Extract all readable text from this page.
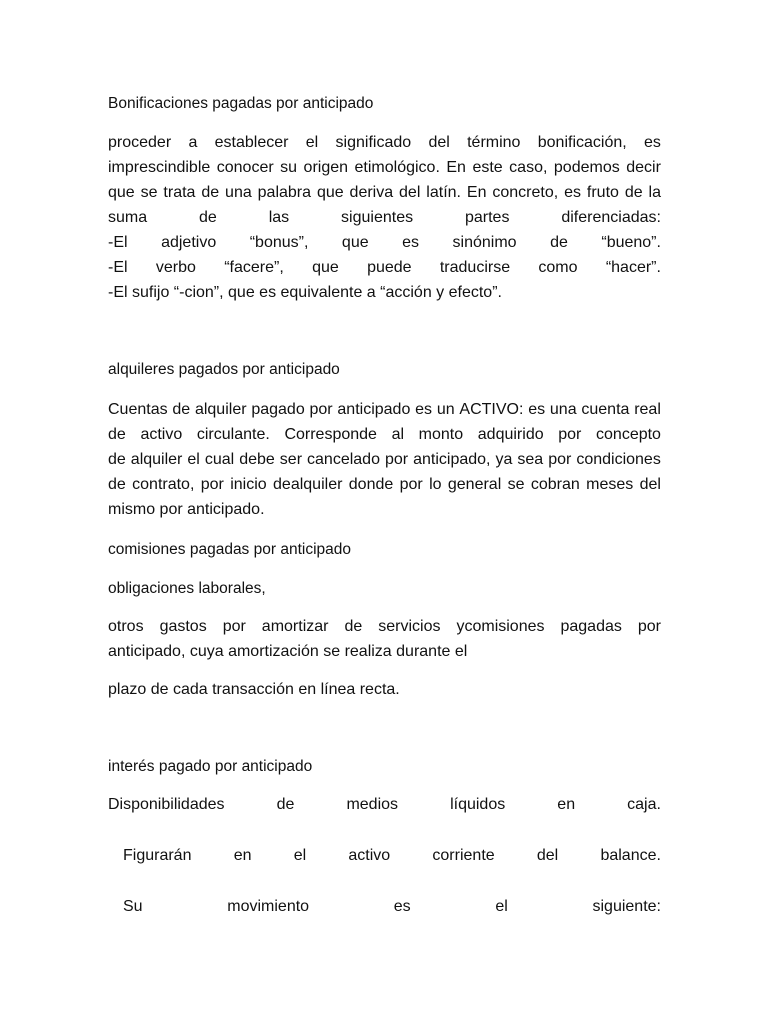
Bonificaciones pagadas por anticipado

proceder a establecer el significado del término bonificación, es
imprescindible conocer su origen etimológico. En este caso, podemos decir
que se trata de una palabra que deriva del latín. En concreto, es fruto de la
suma	de	las	siguientes	partes	diferenciadas:
-El adjetivo “bonus”, que es sinónimo de “bueno”.
-El verbo “facere”, que puede traducirse como “hacer”.
-El sufijo “-cion”, que es equivalente a “acción y efecto”.

alquileres pagados por anticipado

Cuentas de alquiler pagado por anticipado es un ACTIVO: es una cuenta real
de activo circulante. Corresponde al monto adquirido por concepto
de alquiler el cual debe ser cancelado por anticipado, ya sea por condiciones
de contrato, por inicio dealquiler donde por lo general se cobran meses del
mismo por anticipado.

comisiones pagadas por anticipado

obligaciones laborales,

otros gastos por amortizar de servicios ycomisiones pagadas por
anticipado, cuya amortización se realiza durante el

plazo de cada transacción en línea recta.

interés pagado por anticipado

Disponibilidades	de	medios	líquidos	en	caja.
Figurarán	en	el	activo	corriente	del	balance.
Su	movimiento	es	el	siguiente:
